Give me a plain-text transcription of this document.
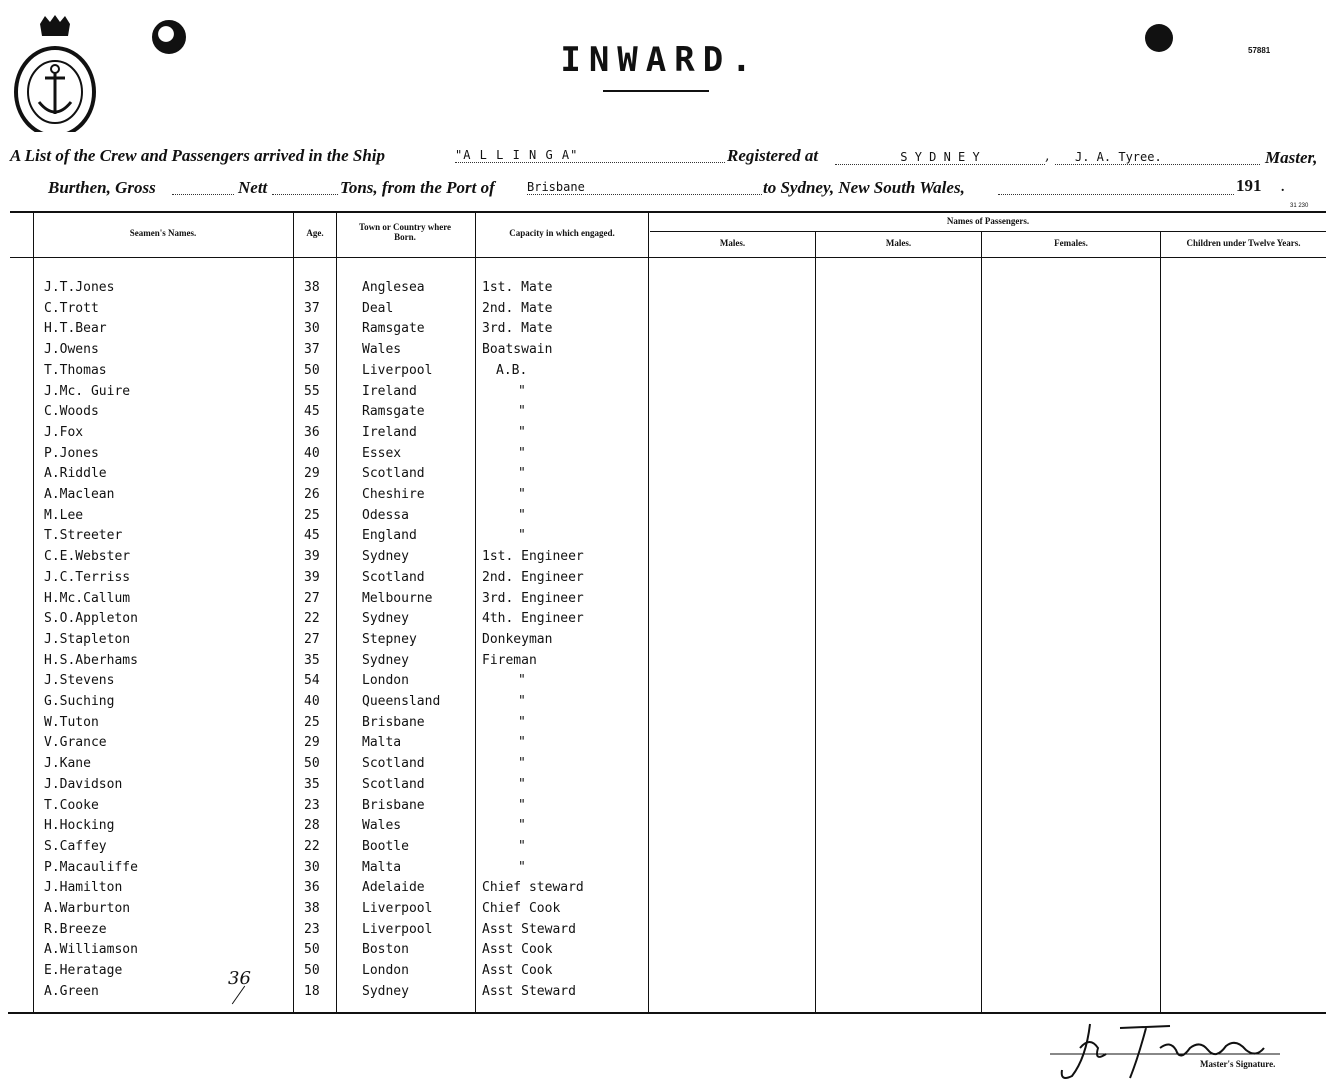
INWARD.	57881
A List of the Crew and Passengers arrived in the Ship	"A L L I N G A"	Registered at	S Y D N E Y	,	J. A. Tyree.	Master,
Burthen, Gross	Nett	Tons, from the Port of	Brisbane	to Sydney, New South Wales,	191 .
31 230
Seamen's Names.	Age.
Town or Country where Born.	Capacity in which engaged.
Names of Passengers.
Males.	Males.	Females.	Children under Twelve Years.
J.T.Jones	38	Anglesea	1st. Mate
C.Trott	37	Deal	2nd. Mate
H.T.Bear	30	Ramsgate	3rd. Mate
J.Owens	37	Wales	Boatswain
T.Thomas	50	Liverpool	A.B.
J.Mc. Guire	55	Ireland	"
C.Woods	45	Ramsgate	"
J.Fox	36	Ireland	"
P.Jones	40	Essex	"
A.Riddle	29	Scotland	"
A.Maclean	26	Cheshire	"
M.Lee	25	Odessa	"
T.Streeter	45	England	"
C.E.Webster	39	Sydney	1st. Engineer
J.C.Terriss	39	Scotland	2nd. Engineer
H.Mc.Callum	27	Melbourne	3rd. Engineer
S.O.Appleton	22	Sydney	4th. Engineer
J.Stapleton	27	Stepney	Donkeyman
H.S.Aberhams	35	Sydney	Fireman
J.Stevens	54	London	"
G.Suching	40	Queensland	"
W.Tuton	25	Brisbane	"
V.Grance	29	Malta	"
J.Kane	50	Scotland	"
J.Davidson	35	Scotland	"
T.Cooke	23	Brisbane	"
H.Hocking	28	Wales	"
S.Caffey	22	Bootle	"
P.Macauliffe	30	Malta	"
J.Hamilton	36	Adelaide	Chief steward
A.Warburton	38	Liverpool	Chief Cook
R.Breeze	23	Liverpool	Asst Steward
A.Williamson	50	Boston	Asst Cook
E.Heratage	50	London	Asst Cook
A.Green	18	Sydney	Asst Steward
36
Master's Signature.
